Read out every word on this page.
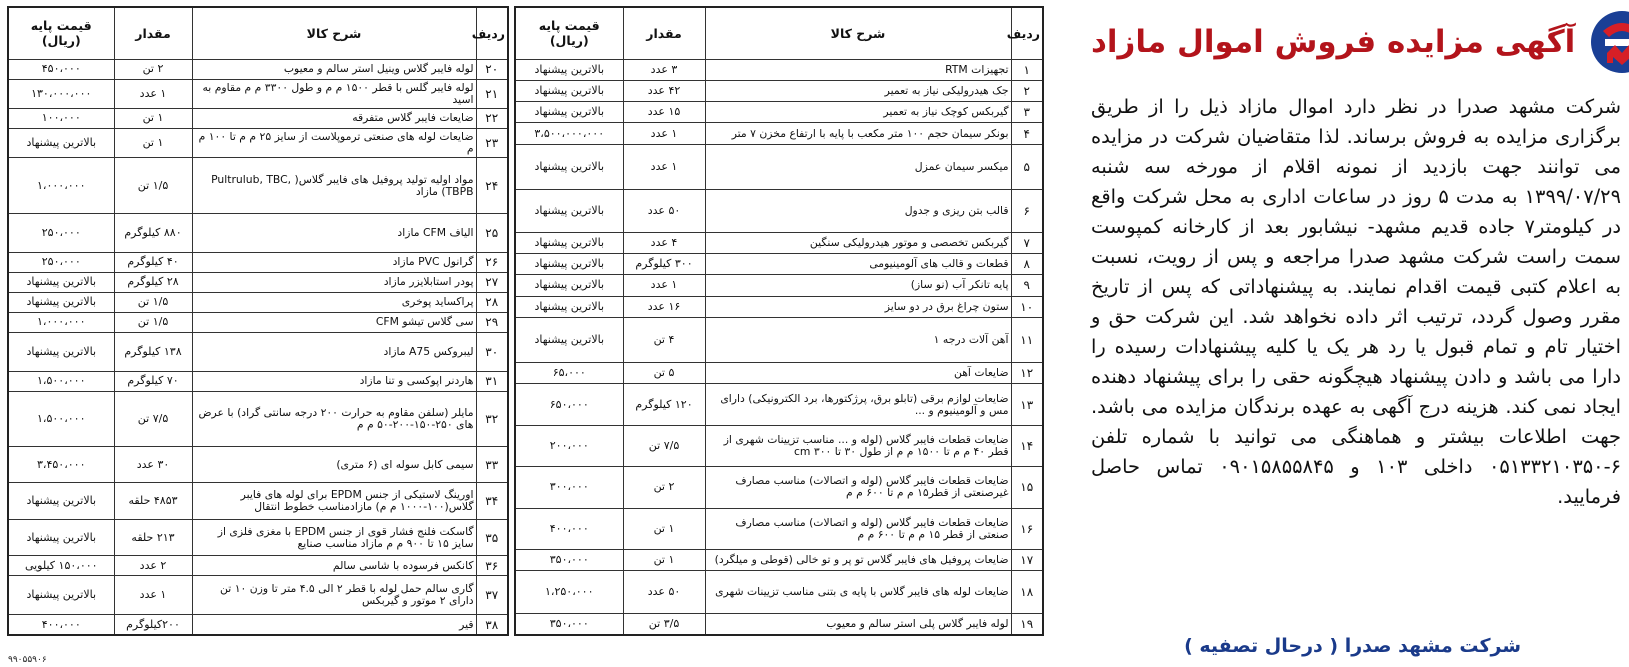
آگهی مزایده فروش اموال مازاد
شرکت مشهد صدرا در نظر دارد اموال مازاد ذیل را از طریق برگزاری مزایده به فروش برساند. لذا متقاضیان شرکت در مزایده می توانند جهت بازدید از نمونه اقلام از مورخه سه شنبه ۱۳۹۹/۰۷/۲۹ به مدت ۵ روز در ساعات اداری به محل شرکت واقع در کیلومتر۷ جاده قدیم مشهد- نیشابور بعد از کارخانه کمپوست سمت راست شرکت مشهد صدرا مراجعه و پس از رویت، نسبت به اعلام کتبی قیمت اقدام نمایند. به پیشنهاداتی که پس از تاریخ مقرر وصول گردد، ترتیب اثر داده نخواهد شد. این شرکت حق و اختیار تام و تمام قبول یا رد هر یک یا کلیه پیشنهادات رسیده را دارا می باشد و دادن پیشنهاد هیچگونه حقی را برای پیشنهاد دهنده ایجاد نمی کند. هزینه درج آگهی به عهده برندگان مزایده می باشد. جهت اطلاعات بیشتر و هماهنگی می توانید با شماره تلفن ۶-۰۵۱۳۳۲۱۰۳۵۰ داخلی ۱۰۳ و ۰۹۰۱۵۸۵۵۸۴۵ تماس حاصل فرمایید.
شرکت مشهد صدرا ( درحال تصفیه )
ردیف	شرح کالا	مقدار	قیمت پایه (ریال)
۱	تجهیزات RTM	۳ عدد	بالاترین پیشنهاد
۲	جک هیدرولیکی نیاز به تعمیر	۴۲ عدد	بالاترین پیشنهاد
۳	گیربکس کوچک نیاز به تعمیر	۱۵ عدد	بالاترین پیشنهاد
۴	بونکر سیمان حجم ۱۰۰ متر مکعب با پایه با ارتفاع مخزن ۷ متر	۱ عدد	۳،۵۰۰،۰۰۰،۰۰۰
۵	میکسر سیمان عمزل	۱ عدد	بالاترین پیشنهاد
۶	قالب بتن ریزی و جدول	۵۰ عدد	بالاترین پیشنهاد
۷	گیربکس تخصصی و موتور هیدرولیکی سنگین	۴ عدد	بالاترین پیشنهاد
۸	قطعات و قالب های آلومینیومی	۳۰۰ کیلوگرم	بالاترین پیشنهاد
۹	پایه تانکر آب (نو ساز)	۱ عدد	بالاترین پیشنهاد
۱۰	ستون چراغ برق در دو سایز	۱۶ عدد	بالاترین پیشنهاد
۱۱	آهن آلات درجه ۱	۴ تن	بالاترین پیشنهاد
۱۲	ضایعات آهن	۵ تن	۶۵،۰۰۰
۱۳	ضایعات لوازم برقی (تابلو برق، پرژکتورها، برد الکترونیکی) دارای مس و آلومینیوم و ...	۱۲۰ کیلوگرم	۶۵۰،۰۰۰
۱۴	ضایعات قطعات فایبر گلاس (لوله و ... مناسب تزیینات شهری از قطر ۴۰ م م تا ۱۵۰۰ م م از طول ۳۰ تا ۳۰۰ cm	۷/۵ تن	۲۰۰،۰۰۰
۱۵	ضایعات قطعات فایبر گلاس (لوله و اتصالات) مناسب مصارف غیرصنعتی از قطر۱۵ م م تا ۶۰۰ م م	۲ تن	۳۰۰،۰۰۰
۱۶	ضایعات قطعات فایبر گلاس (لوله و اتصالات) مناسب مصارف صنعتی از قطر ۱۵ م م تا ۶۰۰ م م	۱ تن	۴۰۰،۰۰۰
۱۷	ضایعات پروفیل های فایبر گلاس تو پر و تو خالی (قوطی و میلگرد)	۱ تن	۳۵۰،۰۰۰
۱۸	ضایعات لوله های فایبر گلاس با پایه ی بتنی مناسب تزیینات شهری	۵۰ عدد	۱،۲۵۰،۰۰۰
۱۹	لوله فایبر گلاس پلی استر سالم و معیوب	۳/۵ تن	۳۵۰،۰۰۰
ردیف	شرح کالا	مقدار	قیمت پایه (ریال)
۲۰	لوله فایبر گلاس وینیل استر سالم و معیوب	۲ تن	۴۵۰،۰۰۰
۲۱	لوله فایبر گلس با قطر ۱۵۰۰ م م و طول ۳۳۰۰ م م مقاوم به اسید	۱ عدد	۱۳۰،۰۰۰،۰۰۰
۲۲	ضایعات فایبر گلاس متفرقه	۱ تن	۱۰۰،۰۰۰
۲۳	ضایعات لوله های صنعتی ترموپلاست از سایز ۲۵ م م تا ۱۰۰ م م	۱ تن	بالاترین پیشنهاد
۲۴	مواد اولیه تولید پروفیل های فایبر گلاس( ,Pultrulub, TBC TBPB) مازاد	۱/۵ تن	۱،۰۰۰،۰۰۰
۲۵	الیاف CFM مازاد	۸۸۰ کیلوگرم	۲۵۰،۰۰۰
۲۶	گرانول PVC مازاد	۴۰ کیلوگرم	۲۵۰،۰۰۰
۲۷	پودر استابلایزر مازاد	۲۸ کیلوگرم	بالاترین پیشنهاد
۲۸	پراکساید پوخری	۱/۵ تن	بالاترین پیشنهاد
۲۹	سی گلاس تیشو CFM	۱/۵ تن	۱،۰۰۰،۰۰۰
۳۰	لیبروکس A75 مازاد	۱۳۸ کیلوگرم	بالاترین پیشنهاد
۳۱	هاردنر اپوکسی و تنا مازاد	۷۰ کیلوگرم	۱،۵۰۰،۰۰۰
۳۲	مایلر (سلفن مقاوم به حرارت ۲۰۰ درجه سانتی گراد) با عرض های ۲۵۰-۱۵۰-۲۰۰-۵۰ م م	۷/۵ تن	۱،۵۰۰،۰۰۰
۳۳	سیمی کابل سوله ای (۶ متری)	۳۰ عدد	۳،۴۵۰،۰۰۰
۳۴	اورینگ لاستیکی از جنس EPDM برای لوله های فایبر گلاس(۱۰۰-۱۰۰۰ م م) مازادمناسب خطوط انتقال	۴۸۵۳ حلقه	بالاترین پیشنهاد
۳۵	گاسکت فلنج فشار قوی از جنس EPDM با مغزی فلزی از سایز ۱۵ تا ۹۰۰ م م مازاد مناسب صنایع	۲۱۳ حلقه	بالاترین پیشنهاد
۳۶	کانکس فرسوده با شاسی سالم	۲ عدد	۱۵۰،۰۰۰ کیلویی
۳۷	گاری سالم حمل لوله با قطر ۲ الی ۴.۵ متر تا وزن ۱۰ تن دارای ۲ موتور و گیربکس	۱ عدد	بالاترین پیشنهاد
۳۸	قیر	۲۰۰کیلوگرم	۴۰۰،۰۰۰
۹۹۰۵۵۹۰۶
